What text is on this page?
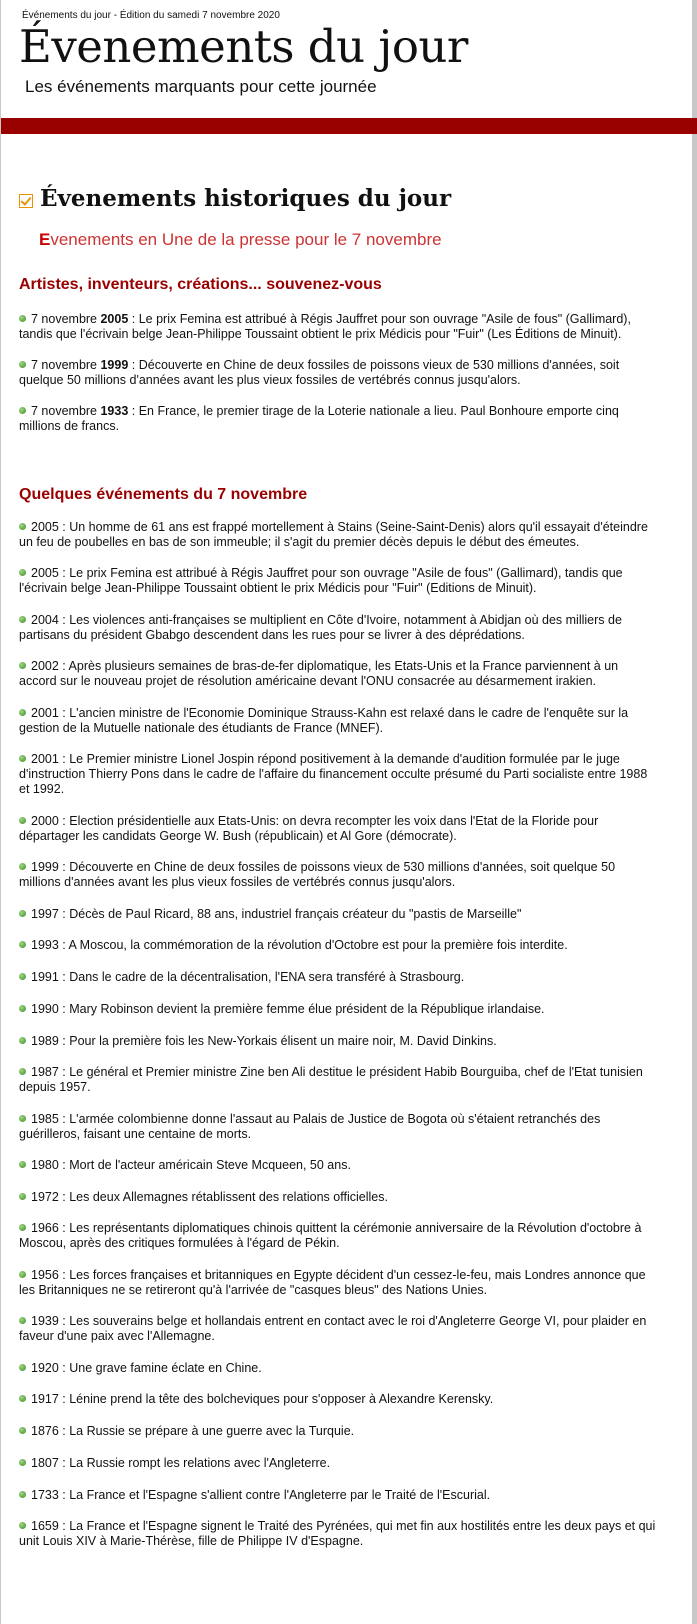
Événements du jour - Édition du samedi 7 novembre 2020
Évenements du jour
Les événements marquants pour cette journée
Évenements historiques du jour
Evenements en Une de la presse pour le 7 novembre
Artistes, inventeurs, créations... souvenez-vous
7 novembre 2005 : Le prix Femina est attribué à Régis Jauffret pour son ouvrage "Asile de fous" (Gallimard), tandis que l'écrivain belge Jean-Philippe Toussaint obtient le prix Médicis pour "Fuir" (Les Éditions de Minuit).
7 novembre 1999 : Découverte en Chine de deux fossiles de poissons vieux de 530 millions d'années, soit quelque 50 millions d'années avant les plus vieux fossiles de vertébrés connus jusqu'alors.
7 novembre 1933 : En France, le premier tirage de la Loterie nationale a lieu. Paul Bonhoure emporte cinq millions de francs.
Quelques événements du 7 novembre
2005 : Un homme de 61 ans est frappé mortellement à Stains (Seine-Saint-Denis) alors qu'il essayait d'éteindre un feu de poubelles en bas de son immeuble; il s'agit du premier décès depuis le début des émeutes.
2005 : Le prix Femina est attribué à Régis Jauffret pour son ouvrage "Asile de fous" (Gallimard), tandis que l'écrivain belge Jean-Philippe Toussaint obtient le prix Médicis pour "Fuir" (Editions de Minuit).
2004 : Les violences anti-françaises se multiplient en Côte d'Ivoire, notamment à Abidjan où des milliers de partisans du président Gbabgo descendent dans les rues pour se livrer à des déprédations.
2002 : Après plusieurs semaines de bras-de-fer diplomatique, les Etats-Unis et la France parviennent à un accord sur le nouveau projet de résolution américaine devant l'ONU consacrée au désarmement irakien.
2001 : L'ancien ministre de l'Economie Dominique Strauss-Kahn est relaxé dans le cadre de l'enquête sur la gestion de la Mutuelle nationale des étudiants de France (MNEF).
2001 : Le Premier ministre Lionel Jospin répond positivement à la demande d'audition formulée par le juge d'instruction Thierry Pons dans le cadre de l'affaire du financement occulte présumé du Parti socialiste entre 1988 et 1992.
2000 : Election présidentielle aux Etats-Unis: on devra recompter les voix dans l'Etat de la Floride pour départager les candidats George W. Bush (républicain) et Al Gore (démocrate).
1999 : Découverte en Chine de deux fossiles de poissons vieux de 530 millions d'années, soit quelque 50 millions d'années avant les plus vieux fossiles de vertébrés connus jusqu'alors.
1997 : Décès de Paul Ricard, 88 ans, industriel français créateur du "pastis de Marseille"
1993 : A Moscou, la commémoration de la révolution d'Octobre est pour la première fois interdite.
1991 : Dans le cadre de la décentralisation, l'ENA sera transféré à Strasbourg.
1990 : Mary Robinson devient la première femme élue président de la République irlandaise.
1989 : Pour la première fois les New-Yorkais élisent un maire noir, M. David Dinkins.
1987 : Le général et Premier ministre Zine ben Ali destitue le président Habib Bourguiba, chef de l'Etat tunisien depuis 1957.
1985 : L'armée colombienne donne l'assaut au Palais de Justice de Bogota où s'étaient retranchés des guérilleros, faisant une centaine de morts.
1980 : Mort de l'acteur américain Steve Mcqueen, 50 ans.
1972 : Les deux Allemagnes rétablissent des relations officielles.
1966 : Les représentants diplomatiques chinois quittent la cérémonie anniversaire de la Révolution d'octobre à Moscou, après des critiques formulées à l'égard de Pékin.
1956 : Les forces françaises et britanniques en Egypte décident d'un cessez-le-feu, mais Londres annonce que les Britanniques ne se retireront qu'à l'arrivée de "casques bleus" des Nations Unies.
1939 : Les souverains belge et hollandais entrent en contact avec le roi d'Angleterre George VI, pour plaider en faveur d'une paix avec l'Allemagne.
1920 : Une grave famine éclate en Chine.
1917 : Lénine prend la tête des bolcheviques pour s'opposer à Alexandre Kerensky.
1876 : La Russie se prépare à une guerre avec la Turquie.
1807 : La Russie rompt les relations avec l'Angleterre.
1733 : La France et l'Espagne s'allient contre l'Angleterre par le Traité de l'Escurial.
1659 : La France et l'Espagne signent le Traité des Pyrénées, qui met fin aux hostilités entre les deux pays et qui unit Louis XIV à Marie-Thérèse, fille de Philippe IV d'Espagne.
